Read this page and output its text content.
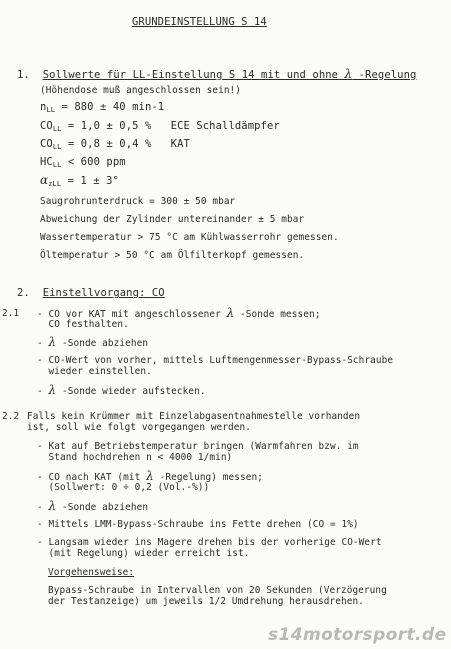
GRUNDEINSTELLUNG S 14
1. Sollwerte für LL-Einstellung S 14 mit und ohne λ -Regelung
(Höhendose muß angeschlossen sein!)
$n_{LL} = 880 \pm 40$ min-1
$CO_{LL} = 1,0 \pm 0,5$ %   ECE Schalldämpfer
$CO_{LL} = 0,8 \pm 0,4$ %   KAT
$HC_{LL} < 600$ ppm
$\alpha_{zLL} = 1 \pm 3^\circ$
Saugrohrunterdruck = 300 ± 50 mbar
Abweichung der Zylinder untereinander ± 5 mbar
Wassertemperatur > 75 °C am Kühlwasserrohr gemessen.
Öltemperatur > 50 °C am Ölfilterkopf gemessen.
2. Einstellvorgang: CO
2.1 - CO vor KAT mit angeschlossener λ -Sonde messen;
CO festhalten.
- λ -Sonde abziehen
- CO-Wert von vorher, mittels Luftmengenmesser-Bypass-Schraube
wieder einstellen.
- λ -Sonde wieder aufstecken.
2.2 Falls kein Krümmer mit Einzelabgasentnahmestelle vorhanden
ist, soll wie folgt vorgegangen werden.
- Kat auf Betriebstemperatur bringen (Warmfahren bzw. im
Stand hochdrehen n < 4000 1/min)
- CO nach KAT (mit λ -Regelung) messen;
(Sollwert: 0 ÷ 0,2 (Vol.-%))
- λ -Sonde abziehen
- Mittels LMM-Bypass-Schraube ins Fette drehen (CO = 1%)
- Langsam wieder ins Magere drehen bis der vorherige CO-Wert
(mit Regelung) wieder erreicht ist.
Vorgehensweise:
Bypass-Schraube in Intervallen von 20 Sekunden (Verzögerung
der Testanzeige) um jeweils 1/2 Umdrehung herausdrehen.
s14motorsport.de
